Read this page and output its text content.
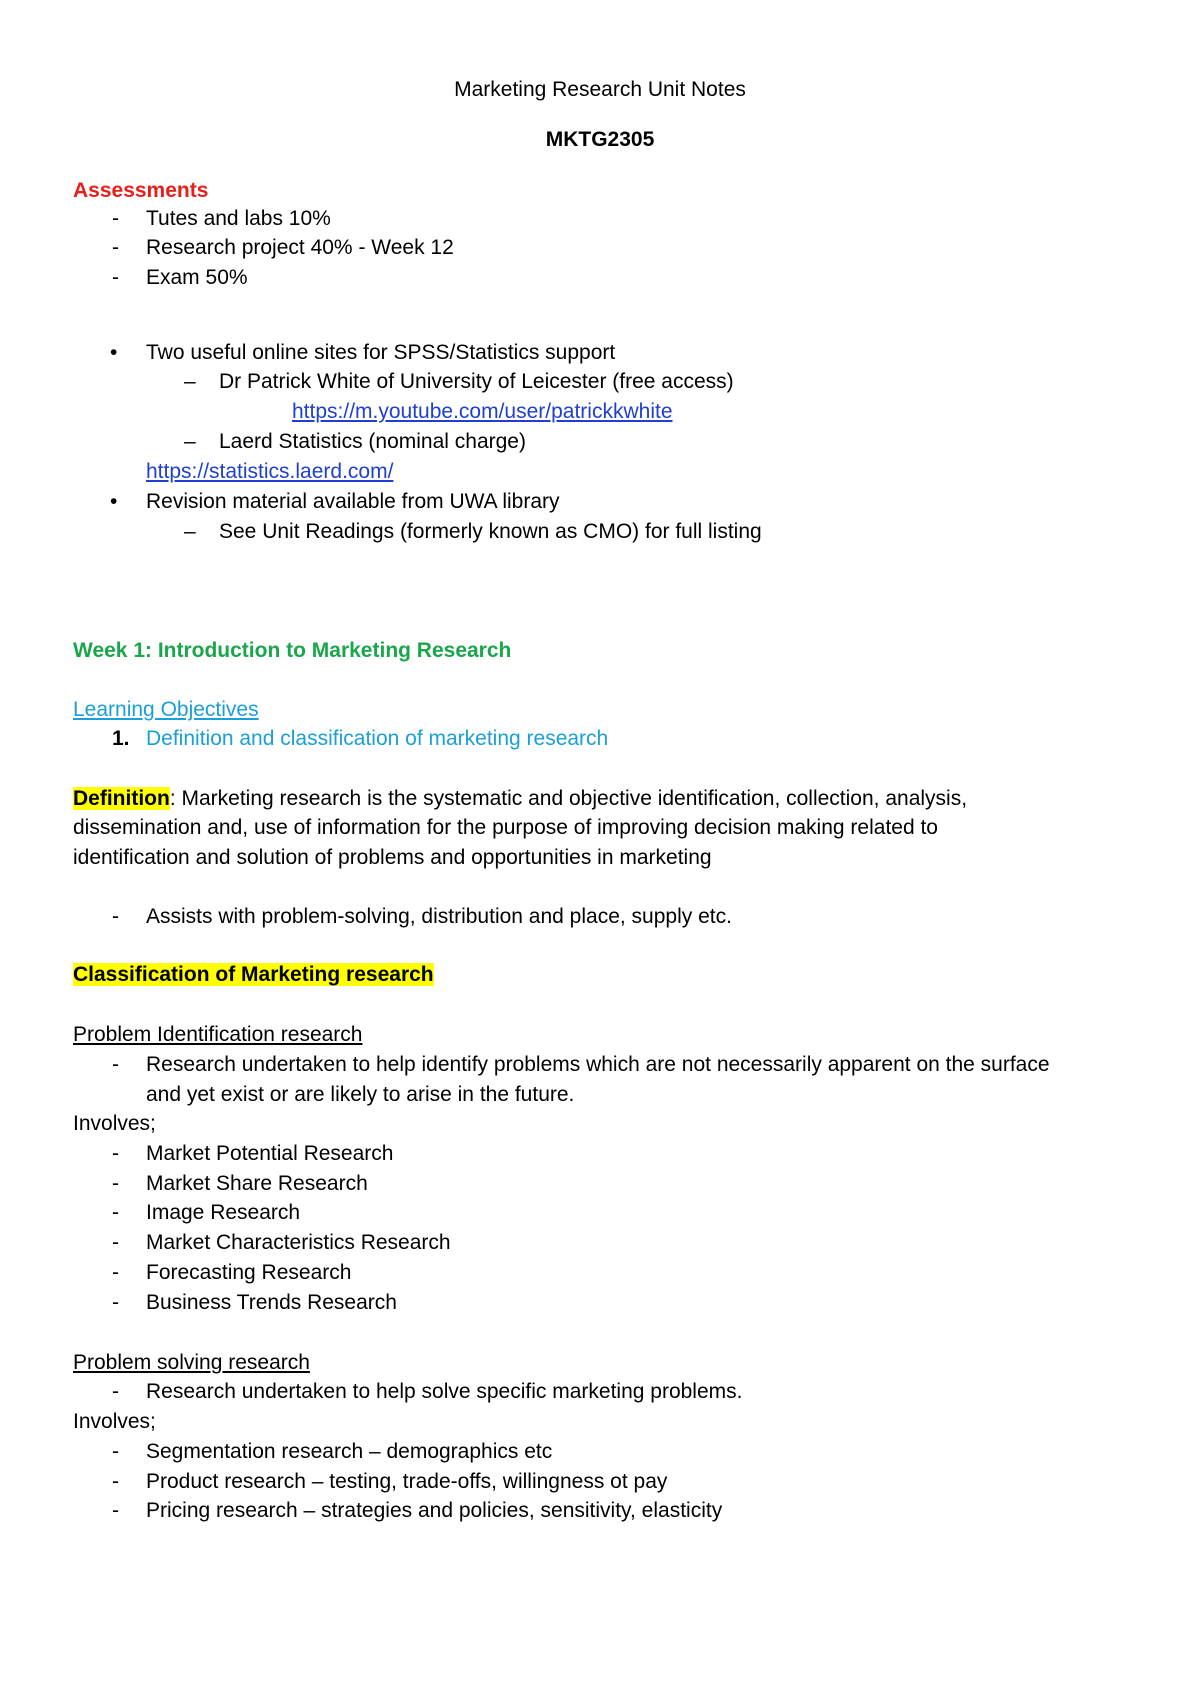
Marketing Research Unit Notes
MKTG2305
Assessments
- Tutes and labs 10%
- Research project 40% - Week 12
- Exam 50%
• Two useful online sites for SPSS/Statistics support
– Dr Patrick White of University of Leicester (free access)
https://m.youtube.com/user/patrickkwhite
– Laerd Statistics (nominal charge)
https://statistics.laerd.com/
• Revision material available from UWA library
– See Unit Readings (formerly known as CMO) for full listing
Week 1: Introduction to Marketing Research
Learning Objectives
1. Definition and classification of marketing research
Definition: Marketing research is the systematic and objective identification, collection, analysis,
dissemination and, use of information for the purpose of improving decision making related to
identification and solution of problems and opportunities in marketing
- Assists with problem-solving, distribution and place, supply etc.
Classification of Marketing research
Problem Identification research
- Research undertaken to help identify problems which are not necessarily apparent on the surface
and yet exist or are likely to arise in the future.
Involves;
- Market Potential Research
- Market Share Research
- Image Research
- Market Characteristics Research
- Forecasting Research
- Business Trends Research
Problem solving research
- Research undertaken to help solve specific marketing problems.
Involves;
- Segmentation research – demographics etc
- Product research – testing, trade-offs, willingness ot pay
- Pricing research – strategies and policies, sensitivity, elasticity
